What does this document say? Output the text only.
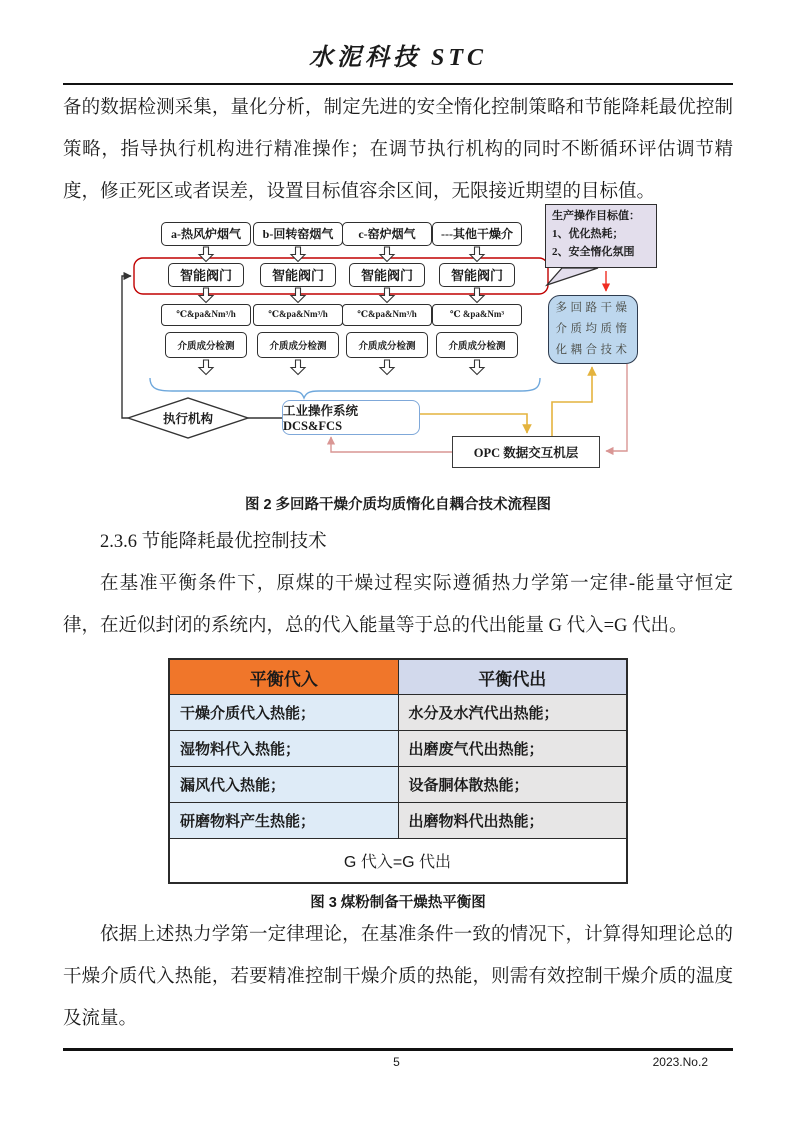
水泥科技 STC

备的数据检测采集，量化分析，制定先进的安全惰化控制策略和节能降耗最优控制策略，指导执行机构进行精准操作；在调节执行机构的同时不断循环评估调节精度，修正死区或者误差，设置目标值容余区间，无限接近期望的目标值。

a-热风炉烟气	b-回转窑烟气	c-窑炉烟气	---其他干燥介
智能阀门	智能阀门	智能阀门	智能阀门
℃&pa&Nm³/h	℃&pa&Nm³/h	℃&pa&Nm³/h	℃ &pa&Nm³
介质成分检测	介质成分检测	介质成分检测	介质成分检测
生产操作目标值：
1、优化热耗；
2、安全惰化氛围
多回路干燥
介质均质惰
化耦合技术
工业操作系统 DCS&FCS
OPC 数据交互机层
执行机构
图 2 多回路干燥介质均质惰化自耦合技术流程图

2.3.6 节能降耗最优控制技术

在基准平衡条件下，原煤的干燥过程实际遵循热力学第一定律-能量守恒定律，在近似封闭的系统内，总的代入能量等于总的代出能量 G 代入=G 代出。

平衡代入	平衡代出
干燥介质代入热能；	水分及水汽代出热能；
湿物料代入热能；	出磨废气代出热能；
漏风代入热能；	设备胴体散热能；
研磨物料产生热能；	出磨物料代出热能；
G 代入=G 代出	
图 3 煤粉制备干燥热平衡图

依据上述热力学第一定律理论，在基准条件一致的情况下，计算得知理论总的干燥介质代入热能，若要精准控制干燥介质的热能，则需有效控制干燥介质的温度及流量。

5	2023.No.2
